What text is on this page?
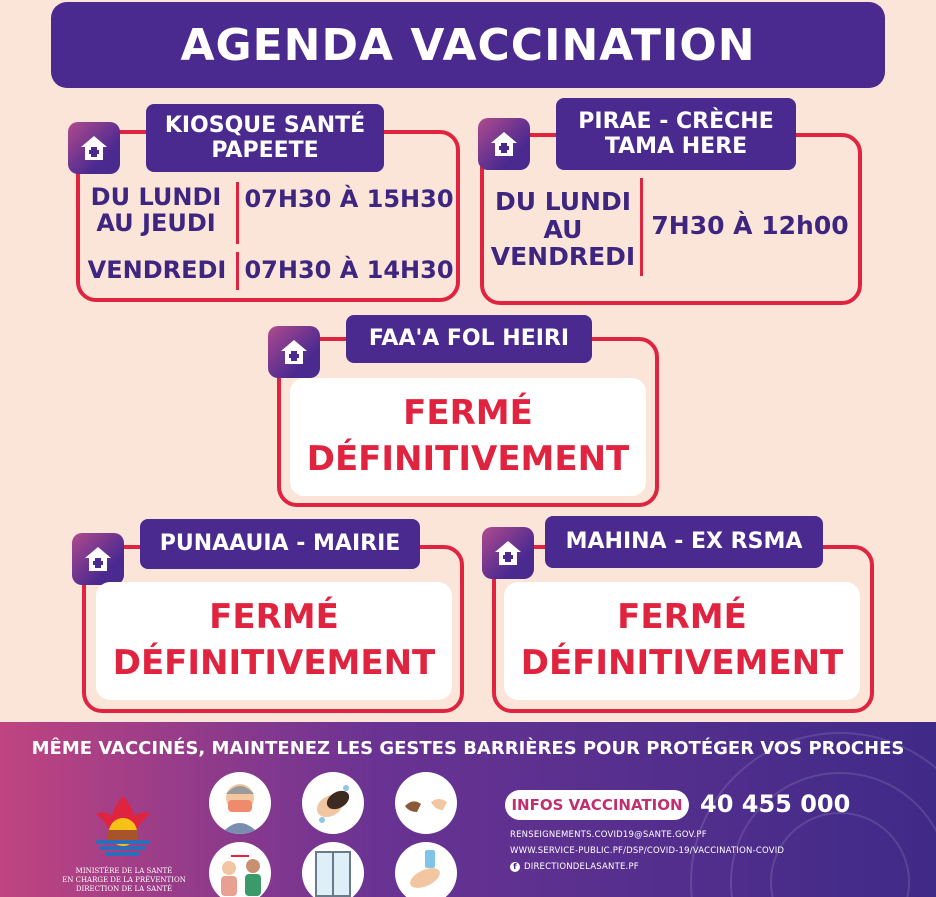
AGENDA VACCINATION
KIOSQUE SANTÉ
PAPEETE
DU LUNDI
AU JEUDI
07H30 À 15H30
VENDREDI 07H30 À 14H30
PIRAE - CRÈCHE
TAMA HERE
DU LUNDI
AU
VENDREDI
7H30 À 12h00
FAA'A FOL HEIRI
FERMÉ
DÉFINITIVEMENT
PUNAAUIA - MAIRIE
FERMÉ
DÉFINITIVEMENT
MAHINA - EX RSMA
FERMÉ
DÉFINITIVEMENT
MÊME VACCINÉS, MAINTENEZ LES GESTES BARRIÈRES POUR PROTÉGER VOS PROCHES
MINISTÈRE DE LA SANTÉ
EN CHARGE DE LA PRÉVENTION
DIRECTION DE LA SANTÉ
INFOS VACCINATION 40 455 000
RENSEIGNEMENTS.COVID19@SANTE.GOV.PF
WWW.SERVICE-PUBLIC.PF/DSP/COVID-19/VACCINATION-COVID
f DIRECTIONDELASANTE.PF
